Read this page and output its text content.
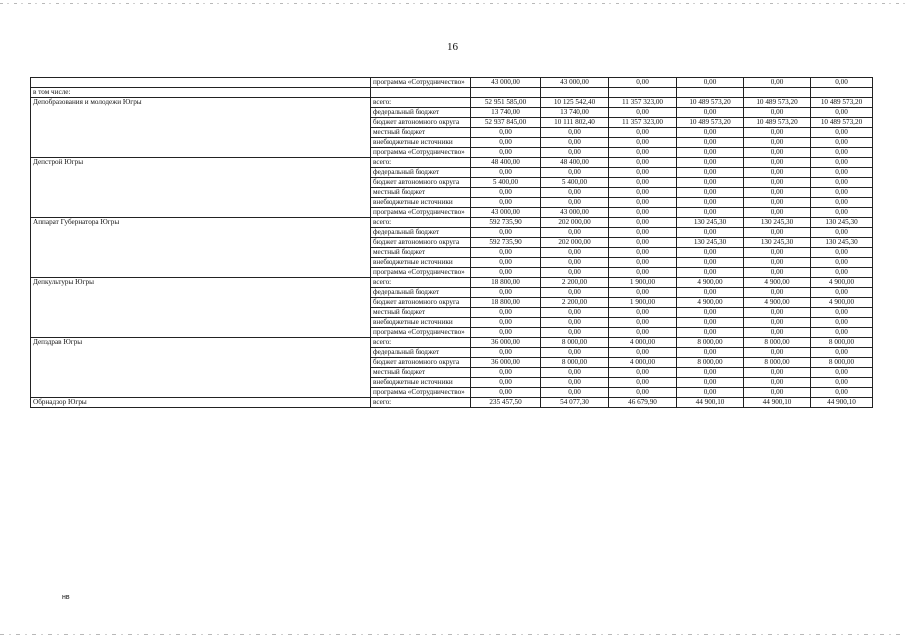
16
	программа «Сотрудничество»	43 000,00	43 000,00	0,00	0,00	0,00	0,00
в том числе:							
Депобразования и молодежи Югры	всего:	52 951 585,00	10 125 542,40	11 357 323,00	10 489 573,20	10 489 573,20	10 489 573,20
	федеральный бюджет	13 740,00	13 740,00	0,00	0,00	0,00	0,00
	бюджет автономного округа	52 937 845,00	10 111 802,40	11 357 323,00	10 489 573,20	10 489 573,20	10 489 573,20
	местный бюджет	0,00	0,00	0,00	0,00	0,00	0,00
	внебюджетные источники	0,00	0,00	0,00	0,00	0,00	0,00
	программа «Сотрудничество»	0,00	0,00	0,00	0,00	0,00	0,00
Депстрой Югры	всего:	48 400,00	48 400,00	0,00	0,00	0,00	0,00
	федеральный бюджет	0,00	0,00	0,00	0,00	0,00	0,00
	бюджет автономного округа	5 400,00	5 400,00	0,00	0,00	0,00	0,00
	местный бюджет	0,00	0,00	0,00	0,00	0,00	0,00
	внебюджетные источники	0,00	0,00	0,00	0,00	0,00	0,00
	программа «Сотрудничество»	43 000,00	43 000,00	0,00	0,00	0,00	0,00
Аппарат Губернатора Югры	всего:	592 735,90	202 000,00	0,00	130 245,30	130 245,30	130 245,30
	федеральный бюджет	0,00	0,00	0,00	0,00	0,00	0,00
	бюджет автономного округа	592 735,90	202 000,00	0,00	130 245,30	130 245,30	130 245,30
	местный бюджет	0,00	0,00	0,00	0,00	0,00	0,00
	внебюджетные источники	0,00	0,00	0,00	0,00	0,00	0,00
	программа «Сотрудничество»	0,00	0,00	0,00	0,00	0,00	0,00
Депкультуры Югры	всего:	18 800,00	2 200,00	1 900,00	4 900,00	4 900,00	4 900,00
	федеральный бюджет	0,00	0,00	0,00	0,00	0,00	0,00
	бюджет автономного округа	18 800,00	2 200,00	1 900,00	4 900,00	4 900,00	4 900,00
	местный бюджет	0,00	0,00	0,00	0,00	0,00	0,00
	внебюджетные источники	0,00	0,00	0,00	0,00	0,00	0,00
	программа «Сотрудничество»	0,00	0,00	0,00	0,00	0,00	0,00
Депздрав Югры	всего:	36 000,00	8 000,00	4 000,00	8 000,00	8 000,00	8 000,00
	федеральный бюджет	0,00	0,00	0,00	0,00	0,00	0,00
	бюджет автономного округа	36 000,00	8 000,00	4 000,00	8 000,00	8 000,00	8 000,00
	местный бюджет	0,00	0,00	0,00	0,00	0,00	0,00
	внебюджетные источники	0,00	0,00	0,00	0,00	0,00	0,00
	программа «Сотрудничество»	0,00	0,00	0,00	0,00	0,00	0,00
Обрнадзор Югры	всего:	235 457,50	54 077,30	46 679,90	44 900,10	44 900,10	44 900,10
нв
